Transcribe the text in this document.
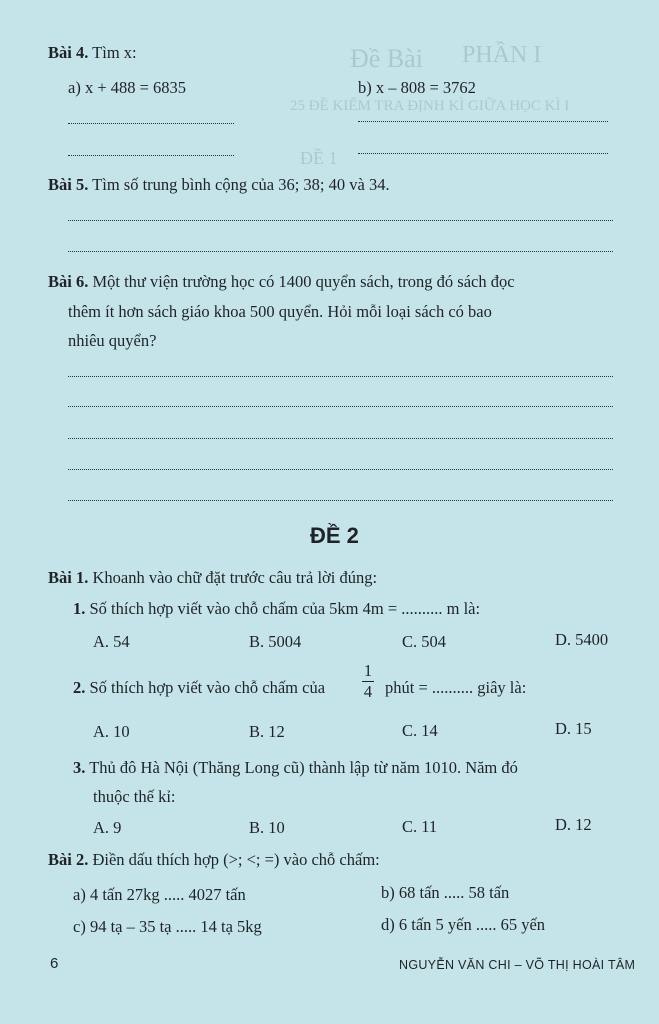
PHẦN I
Đề Bài
25 ĐỀ KIỂM TRA ĐỊNH KÌ GIỮA HỌC KÌ I
ĐỀ 1
Bài 4. Tìm x:
a) x + 488 = 6835	b) x – 808 = 3762
Bài 5. Tìm số trung bình cộng của 36; 38; 40 và 34.
Bài 6. Một thư viện trường học có 1400 quyển sách, trong đó sách đọc
thêm ít hơn sách giáo khoa 500 quyển. Hỏi mỗi loại sách có bao
nhiêu quyển?
ĐỀ 2
Bài 1. Khoanh vào chữ đặt trước câu trả lời đúng:
1. Số thích hợp viết vào chỗ chấm của 5km 4m = .......... m là:
A. 54	B. 5004	C. 504	D. 5400
2. Số thích hợp viết vào chỗ chấm của
1
4 phút = .......... giây là:
A. 10	B. 12	C. 14	D. 15
3. Thủ đô Hà Nội (Thăng Long cũ) thành lập từ năm 1010. Năm đó
thuộc thế kỉ:
A. 9	B. 10	C. 11	D. 12
Bài 2. Điền dấu thích hợp (>; <; =) vào chỗ chấm:
a) 4 tấn 27kg ..... 4027 tấn	b) 68 tấn ..... 58 tấn
c) 94 tạ – 35 tạ ..... 14 tạ 5kg	d) 6 tấn 5 yến ..... 65 yến
6	NGUYỄN VĂN CHI – VÕ THỊ HOÀI TÂM
